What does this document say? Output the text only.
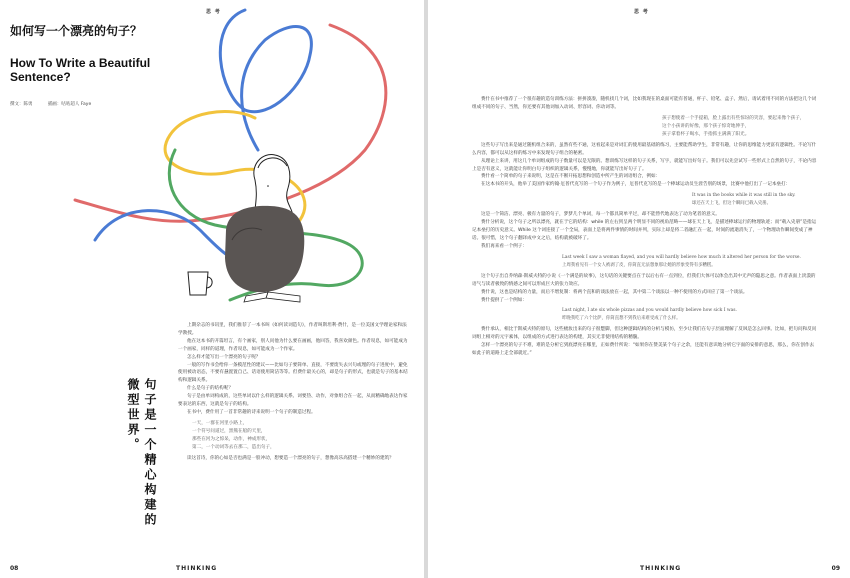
思 考
如何写一个漂亮的句子？
How To Write a Beautiful Sentence?
撰文：陈勇	插画：咕咕超人 Faye
句子是一个精心构建的微型世界。

上期杂志的书讯里，我们推荐了一本书叫《如何读词造句》，作者叫斯坦利·费什，是一位美国文学理论家和法学教授。

他在这本书的开篇坦言，有个画家，别人问他为什么要在画画，他回答，我喜欢颜色。作者叹息，如可能成为一个画家，同样的道理，作者叹息，如可能成为一个作家。

怎么样才能写出一个漂亮的句子呢？

一般的写作书会给你一条模范性的建议——比如句子要简单、直接，不要废失去兴句或埋的句子进度中，避免使用被动语态，不要有悬置置自己、话语使用简洁等等。但费什最关心的，却是句子的形式，也就是句子的基本结构和逻辑关系。

什么是句子的结构呢？

句子是由单词构成的，这些单词以什么样的逻辑关系、词要热、动作，对象组合在一起，从而精确地表达作家要表达的东西，这就是句子的结构。

在书中，费什用了一首非常趣的诗来说明一个句子的制造过程。

一天，一群在河里小路上，
一个符号问道过，黑熊在船的天里，
那些在河为之惊呆，动作，神成形状，
第二，一个动词等去在那二，造出句子，

读这首诗，你的心如是否也满是一股冲动，想要造一个漂亮的句子，想像高乐高搭建一个精妙的建筑？

08	THINKING
思 考

费什在书中推荐了一个很有趣的造句训练方法：拼拼凑凑，随机找几个词，比如我现在的桌面可能有普通，杯子、铅笔、盒子、然后，请试着用不同的方法把这几个词组成不同的句子、当然，你还要有其他词加入动词、形容词、你动词等。

孩子想使着一个手提箱，脸上露出有些惊讶的笑容，要起来像个孩子，
这个小孩讲的好像，那个孩子惊奇地伸手，
孩子拿着杯子喝水，手指抓主满满了阳光。

这些句子写出来是通过随机组合来的，虽然有些不通，这看起来是对词汇的使用最基础的练习，主要能帮助学生，非常有趣，让你的思维能力更富有逻辑性。不论写什么内容，都可以从这样的练习中来发现句子组合的秘密。

从理论上来讲，用这几个单词组成的句子数量可以是无限的。想训练写这样的句子关系，写字，就能写出好句子。我们可以先尝试写一些形式上自然的句子，不论内容上是否有意义，这就能让你明白句子组织的逻辑关系，慢慢地，你就能写出好句子了。

费什看一个简单的句子来说明，这是在不断开拓思想和创造中所产生的词语组合，例如：

在这本书的开头，他举了美国作家约翰·厄普代克写的一个句子作为例子，厄普代克写的是一个棒球运动员生涯告别的场景，比赛中他打出了一记本垒打：

It was in the books while it was still in the sky.
球还在天上飞，但这个瞬间已载入史册。

这是一个简洁、漂亮、极有力量的句子，梦梦几个单词，每一个都具简单平过，却不能替代地表达了动为笔者的意义。

费什分析说，这个句子之所以漂亮，就在于它的结构：while 的左右到呈两个明显不同的视角范畴——球在天上飞，是描述棒球运行的物理轨迹；而“载入史册”是指运记本垒打的历史意义。While 这个词连接了一个全局，表面上是将两件事情的时间并列，实际上却是将二者融汇在一起，时间的流逝消失了，一个物理动作瞬间变成了神话。很可惜，这个句子翻译成中文之后，结构就被破坏了。

我们再来看一个例子：

Last week I saw a woman flayed, and you will hardly believe how much it altered her person for the worse.
上周我看见有一个女人被剥了皮，你简直无法想象那让她的形象变得有多糟糕。

这个句子出自乔纳森·斯威夫特的小说《一个满是的故事》，这句话的关键要点在于以后右有一点到位，但我们大体可以体会出其中无声的隐思之意。作者表面上淡漠的语气与读者极致的情感之间可以形成巨大的张力效应。

费什说，这也是结构的力量，而后不增复制：将两个直和的谈法放在一起，其中第二个谈法以一种不使用的方式回应了第一个谈法。

费什提供了一个例如：

Last night, I ate six whole pizzas and you would hardly believe how sick I was.
昨晚我吃了六个比萨，你简直想不到我后来难受成了什么样。

费什承认，相比于斯威夫特的原句，这些梳妆出来的句子很蹩脚，但这种逻辑结构的分析与模仿，至少让我们在句子层面理解了反讽是怎么回事。比如，把句问和反问词组上相对的元宇素体，以组成的方式进行表达的构建，其实无非使用结构的精髓。

怎样一个漂亮的句子不难，难的是分析它到底漂亮在哪里，正如费什所说：“如果你在赞美某个句子之余，还能有意识地分析它字面的安排的意思，那么，你在创作去如此子的道路上走全部就近。”

THINKING	09
